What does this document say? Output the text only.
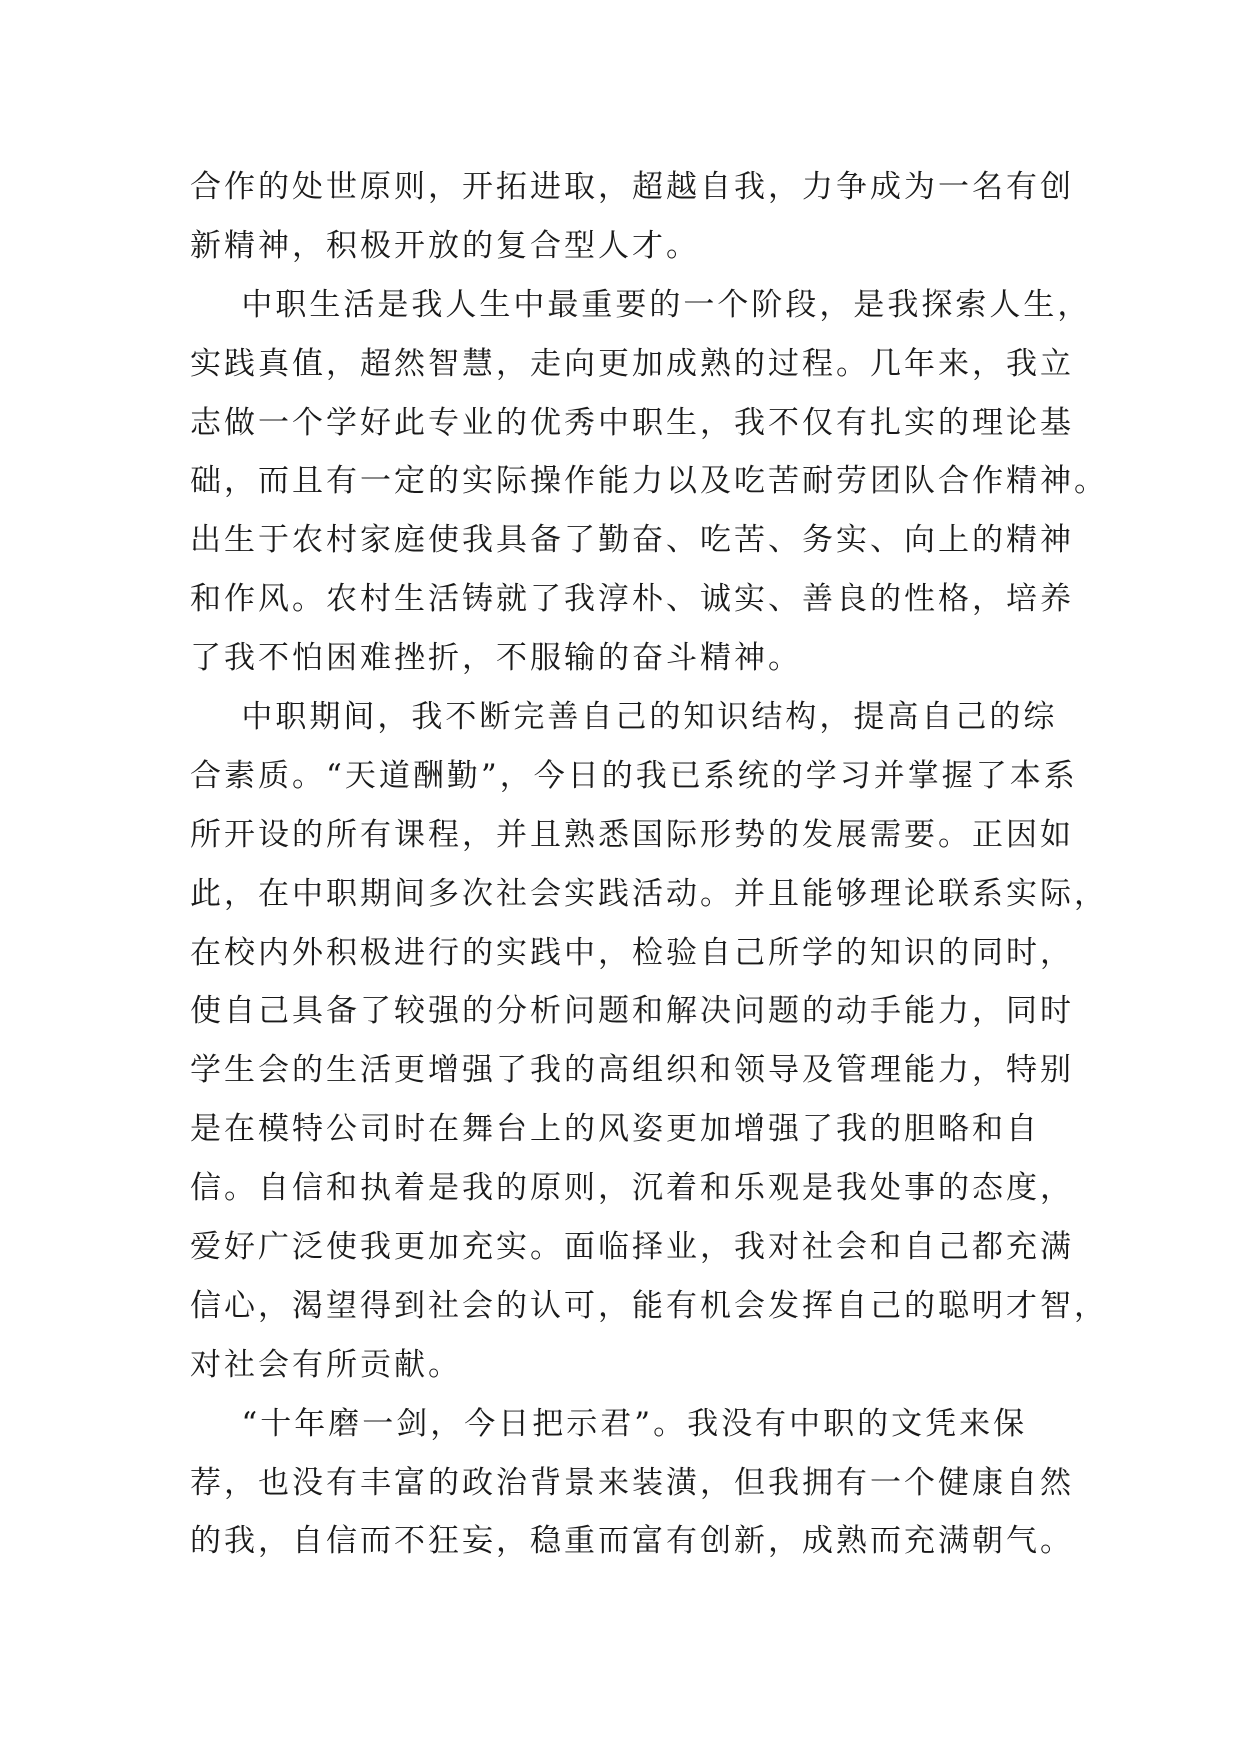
合作的处世原则，开拓进取，超越自我，力争成为一名有创
新精神，积极开放的复合型人才。
中职生活是我人生中最重要的一个阶段，是我探索人生，
实践真值，超然智慧，走向更加成熟的过程。几年来，我立
志做一个学好此专业的优秀中职生，我不仅有扎实的理论基
础，而且有一定的实际操作能力以及吃苦耐劳团队合作精神。
出生于农村家庭使我具备了勤奋、吃苦、务实、向上的精神
和作风。农村生活铸就了我淳朴、诚实、善良的性格，培养
了我不怕困难挫折，不服输的奋斗精神。
中职期间，我不断完善自己的知识结构，提高自己的综
合素质。“天道酬勤”，今日的我已系统的学习并掌握了本系
所开设的所有课程，并且熟悉国际形势的发展需要。正因如
此，在中职期间多次社会实践活动。并且能够理论联系实际，
在校内外积极进行的实践中，检验自己所学的知识的同时，
使自己具备了较强的分析问题和解决问题的动手能力，同时
学生会的生活更增强了我的高组织和领导及管理能力，特别
是在模特公司时在舞台上的风姿更加增强了我的胆略和自
信。自信和执着是我的原则，沉着和乐观是我处事的态度，
爱好广泛使我更加充实。面临择业，我对社会和自己都充满
信心，渴望得到社会的认可，能有机会发挥自己的聪明才智，
对社会有所贡献。
“十年磨一剑，今日把示君”。我没有中职的文凭来保
荐，也没有丰富的政治背景来装潢，但我拥有一个健康自然
的我，自信而不狂妄，稳重而富有创新，成熟而充满朝气。
